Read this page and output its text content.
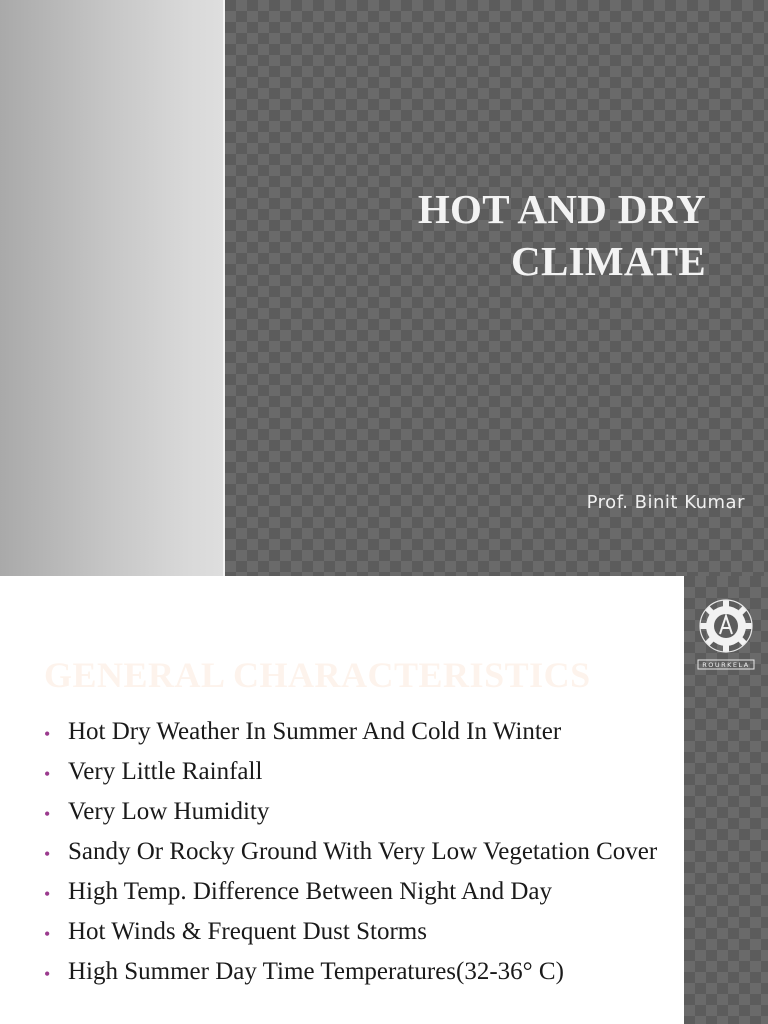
HOT AND DRY
CLIMATE
Prof. Binit Kumar
ROURKELA
GENERAL CHARACTERISTICS
• Hot Dry Weather In Summer And Cold In Winter
• Very Little Rainfall
• Very Low Humidity
• Sandy Or Rocky Ground With Very Low Vegetation Cover
• High Temp. Difference Between Night And Day
• Hot Winds & Frequent Dust Storms
• High Summer Day Time Temperatures(32-36° C)
